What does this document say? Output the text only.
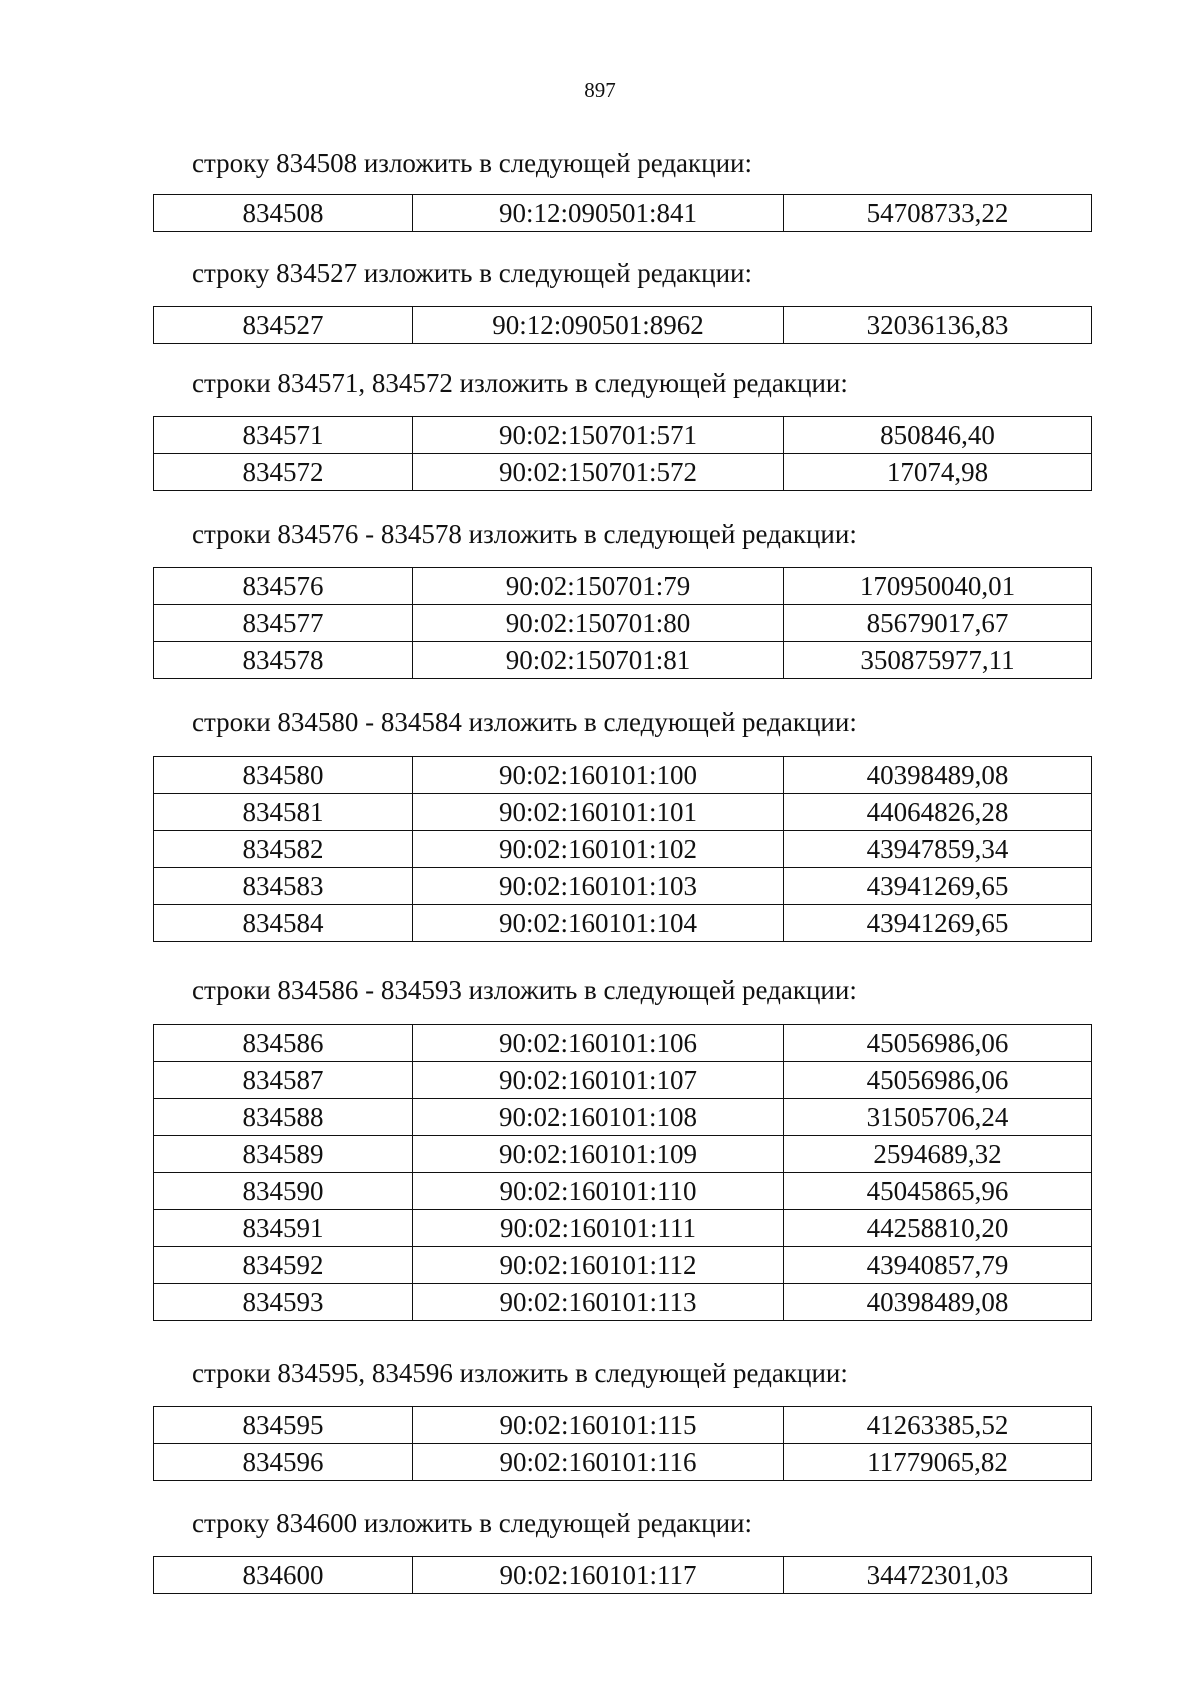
897
строку 834508 изложить в следующей редакции:
834508	90:12:090501:841	54708733,22
строку 834527 изложить в следующей редакции:
834527	90:12:090501:8962	32036136,83
строки 834571, 834572 изложить в следующей редакции:
834571	90:02:150701:571	850846,40
834572	90:02:150701:572	17074,98
строки 834576 - 834578 изложить в следующей редакции:
834576	90:02:150701:79	170950040,01
834577	90:02:150701:80	85679017,67
834578	90:02:150701:81	350875977,11
строки 834580 - 834584 изложить в следующей редакции:
834580	90:02:160101:100	40398489,08
834581	90:02:160101:101	44064826,28
834582	90:02:160101:102	43947859,34
834583	90:02:160101:103	43941269,65
834584	90:02:160101:104	43941269,65
строки 834586 - 834593 изложить в следующей редакции:
834586	90:02:160101:106	45056986,06
834587	90:02:160101:107	45056986,06
834588	90:02:160101:108	31505706,24
834589	90:02:160101:109	2594689,32
834590	90:02:160101:110	45045865,96
834591	90:02:160101:111	44258810,20
834592	90:02:160101:112	43940857,79
834593	90:02:160101:113	40398489,08
строки 834595, 834596 изложить в следующей редакции:
834595	90:02:160101:115	41263385,52
834596	90:02:160101:116	11779065,82
строку 834600 изложить в следующей редакции:
834600	90:02:160101:117	34472301,03
